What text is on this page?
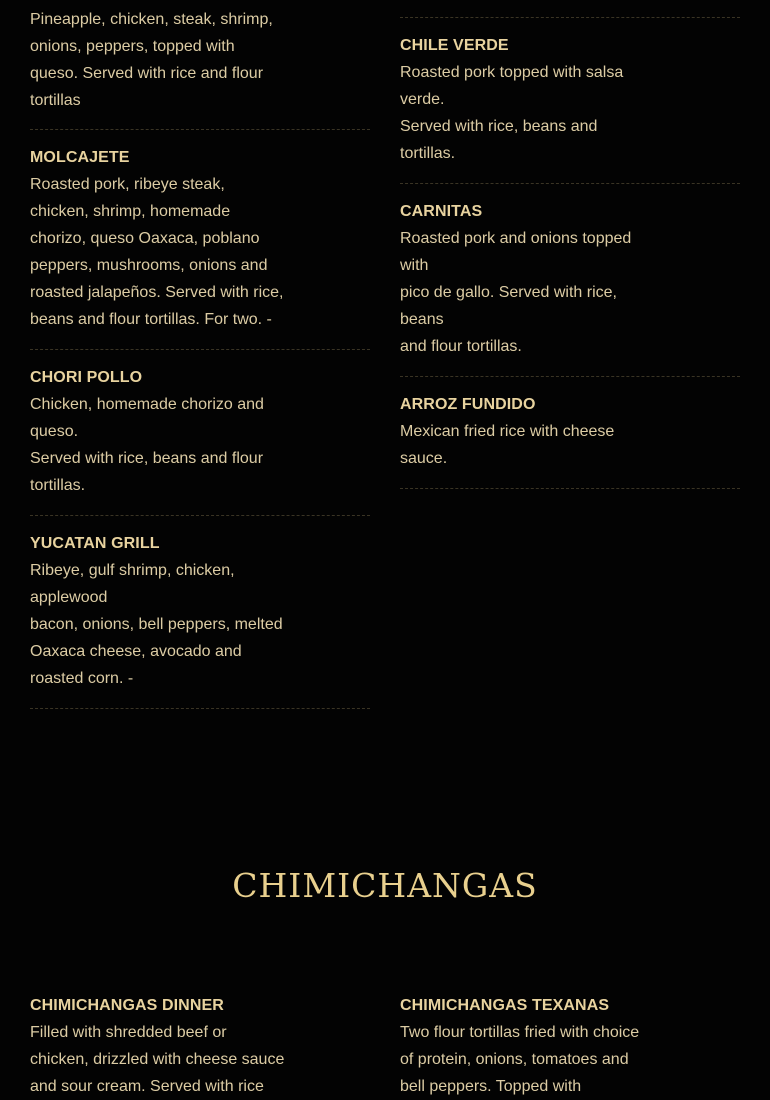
Pineapple, chicken, steak, shrimp,
onions, peppers, topped with
queso. Served with rice and flour
tortillas

MOLCAJETE

Roasted pork, ribeye steak,
chicken, shrimp, homemade
chorizo, queso Oaxaca, poblano
peppers, mushrooms, onions and
roasted jalapeños. Served with rice,
beans and flour tortillas. For two. -

CHORI POLLO

Chicken, homemade chorizo and
queso.
Served with rice, beans and flour
tortillas.

YUCATAN GRILL

Ribeye, gulf shrimp, chicken,
applewood
bacon, onions, bell peppers, melted
Oaxaca cheese, avocado and
roasted corn. -

CHILE VERDE

Roasted pork topped with salsa
verde.
Served with rice, beans and
tortillas.

CARNITAS

Roasted pork and onions topped
with
pico de gallo. Served with rice,
beans
and flour tortillas.

ARROZ FUNDIDO

Mexican fried rice with cheese
sauce.

CHIMICHANGAS

CHIMICHANGAS DINNER

Filled with shredded beef or
chicken, drizzled with cheese sauce
and sour cream. Served with rice

CHIMICHANGAS TEXANAS

Two flour tortillas fried with choice
of protein, onions, tomatoes and
bell peppers. Topped with
